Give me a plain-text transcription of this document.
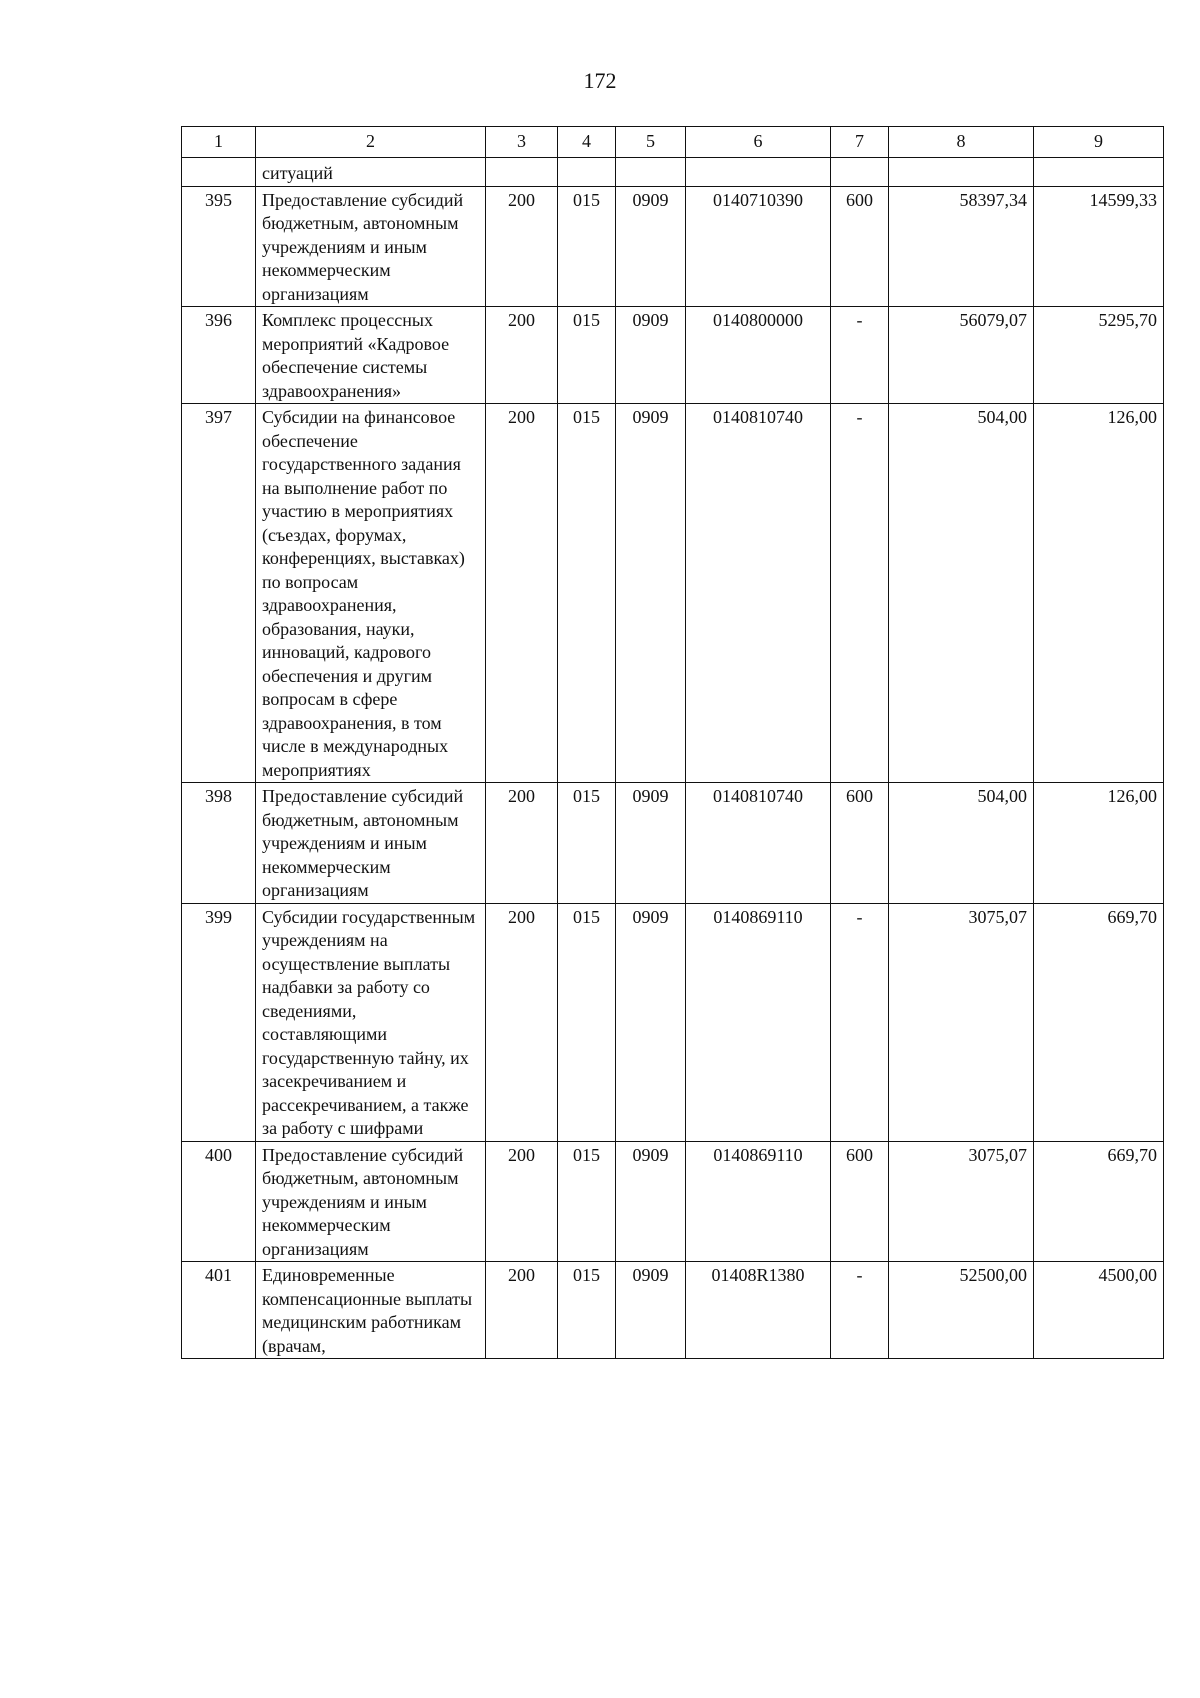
172
1	2	3	4	5	6	7	8	9
	ситуаций							
395	Предоставление субсидий бюджетным, автономным учреждениям и иным некоммерческим организациям	200	015	0909	0140710390	600	58397,34	14599,33
396	Комплекс процессных мероприятий «Кадровое обеспечение системы здравоохранения»	200	015	0909	0140800000	-	56079,07	5295,70
397	Субсидии на финансовое обеспечение государственного задания на выполнение работ по участию в мероприятиях (съездах, форумах, конференциях, выставках) по вопросам здравоохранения, образования, науки, инноваций, кадрового обеспечения и другим вопросам в сфере здравоохранения, в том числе в международных мероприятиях	200	015	0909	0140810740	-	504,00	126,00
398	Предоставление субсидий бюджетным, автономным учреждениям и иным некоммерческим организациям	200	015	0909	0140810740	600	504,00	126,00
399	Субсидии государственным учреждениям на осуществление выплаты надбавки за работу со сведениями, составляющими государственную тайну, их засекречиванием и рассекречиванием, а также за работу с шифрами	200	015	0909	0140869110	-	3075,07	669,70
400	Предоставление субсидий бюджетным, автономным учреждениям и иным некоммерческим организациям	200	015	0909	0140869110	600	3075,07	669,70
401	Единовременные компенсационные выплаты медицинским работникам (врачам,	200	015	0909	01408R1380	-	52500,00	4500,00
